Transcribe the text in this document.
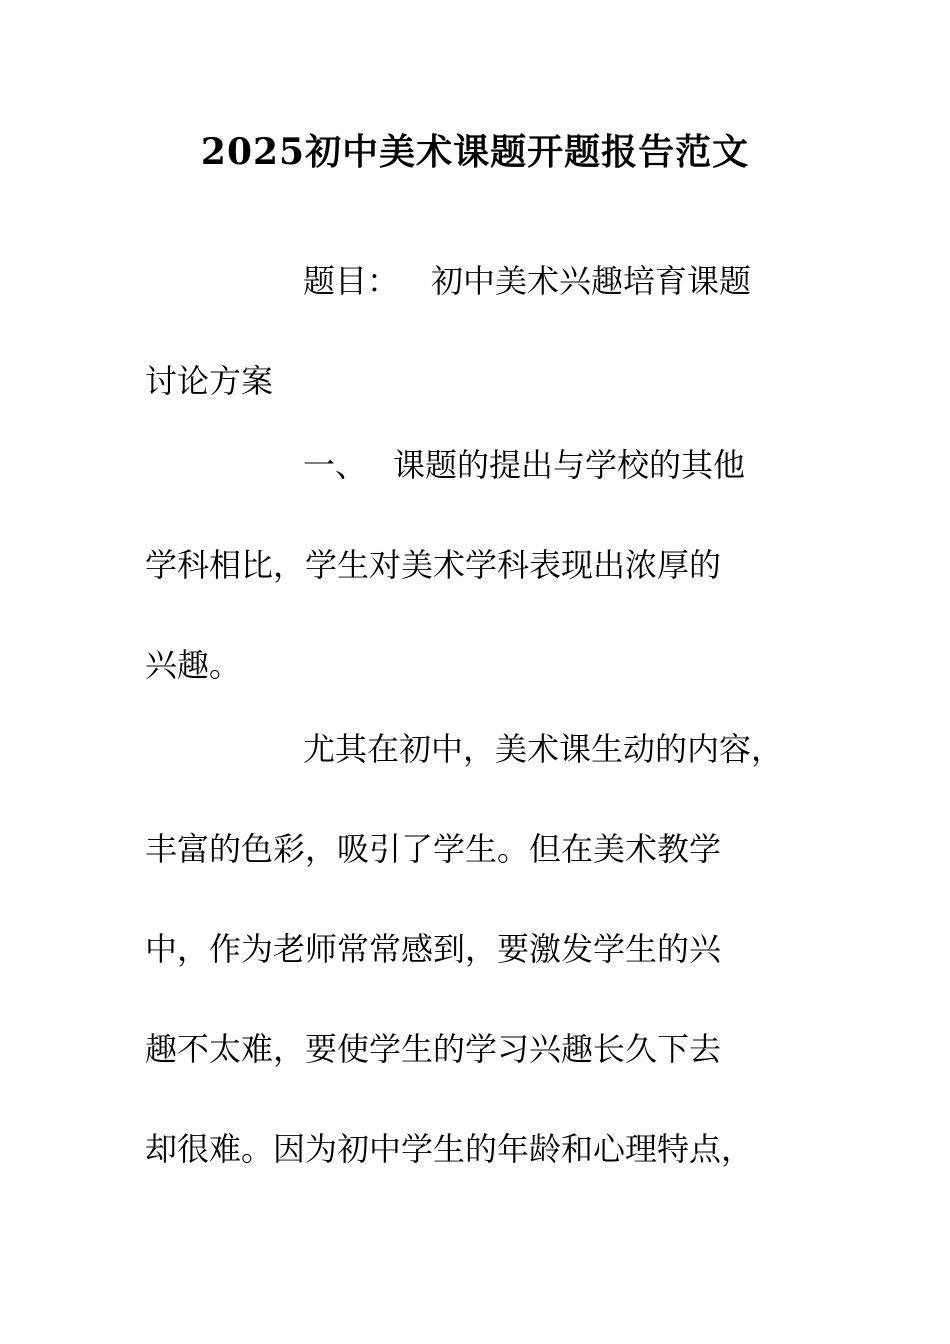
2025初中美术课题开题报告范文
题目： 初中美术兴趣培育课题
讨论方案
一、 课题的提出与学校的其他
学科相比，学生对美术学科表现出浓厚的
兴趣。
尤其在初中，美术课生动的内容，
丰富的色彩，吸引了学生。但在美术教学
中，作为老师常常感到，要激发学生的兴
趣不太难，要使学生的学习兴趣长久下去
却很难。因为初中学生的年龄和心理特点，
